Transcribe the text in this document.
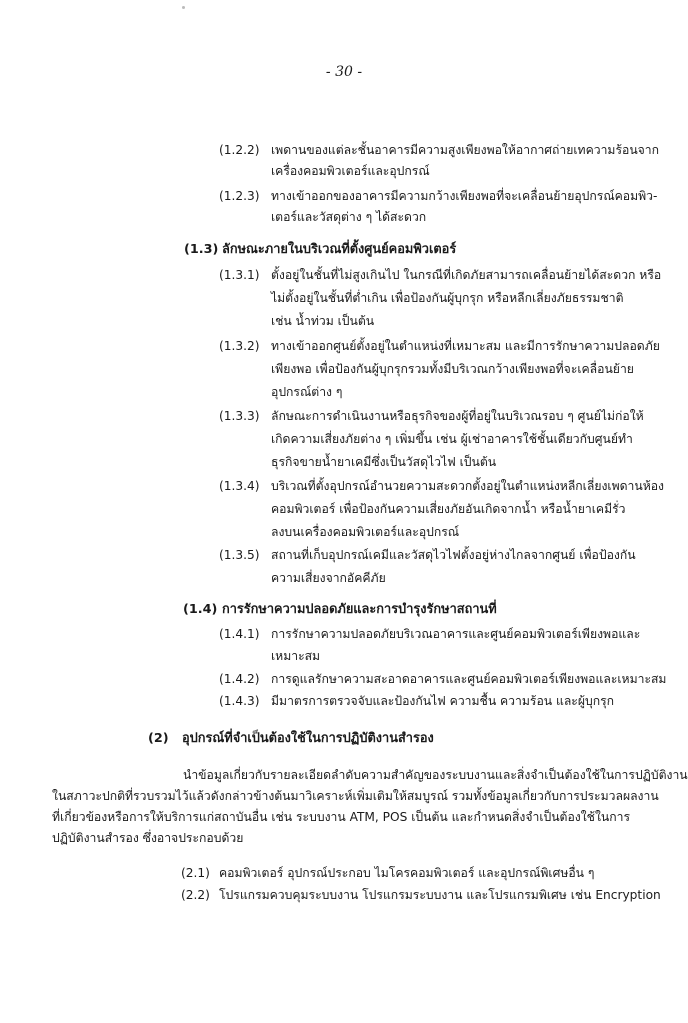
- 30 -
(1.2.2) เพดานของแต่ละชั้นอาคารมีความสูงเพียงพอให้อากาศถ่ายเทความร้อนจาก
เครื่องคอมพิวเตอร์และอุปกรณ์
(1.2.3) ทางเข้าออกของอาคารมีความกว้างเพียงพอที่จะเคลื่อนย้ายอุปกรณ์คอมพิว-
เตอร์และวัสดุต่าง ๆ ได้สะดวก
(1.3) ลักษณะภายในบริเวณที่ตั้งศูนย์คอมพิวเตอร์
(1.3.1) ตั้งอยู่ในชั้นที่ไม่สูงเกินไป ในกรณีที่เกิดภัยสามารถเคลื่อนย้ายได้สะดวก หรือ
ไม่ตั้งอยู่ในชั้นที่ต่ำเกิน เพื่อป้องกันผู้บุกรุก หรือหลีกเลี่ยงภัยธรรมชาติ
เช่น น้ำท่วม เป็นต้น
(1.3.2) ทางเข้าออกศูนย์ตั้งอยู่ในตำแหน่งที่เหมาะสม และมีการรักษาความปลอดภัย
เพียงพอ เพื่อป้องกันผู้บุกรุกรวมทั้งมีบริเวณกว้างเพียงพอที่จะเคลื่อนย้าย
อุปกรณ์ต่าง ๆ
(1.3.3) ลักษณะการดำเนินงานหรือธุรกิจของผู้ที่อยู่ในบริเวณรอบ ๆ ศูนย์ไม่ก่อให้
เกิดความเสี่ยงภัยต่าง ๆ เพิ่มขึ้น เช่น ผู้เช่าอาคารใช้ชั้นเดียวกับศูนย์ทำ
ธุรกิจขายน้ำยาเคมีซึ่งเป็นวัสดุไวไฟ เป็นต้น
(1.3.4) บริเวณที่ตั้งอุปกรณ์อำนวยความสะดวกตั้งอยู่ในตำแหน่งหลีกเลี่ยงเพดานห้อง
คอมพิวเตอร์ เพื่อป้องกันความเสี่ยงภัยอันเกิดจากน้ำ หรือน้ำยาเคมีรั่ว
ลงบนเครื่องคอมพิวเตอร์และอุปกรณ์
(1.3.5) สถานที่เก็บอุปกรณ์เคมีและวัสดุไวไฟตั้งอยู่ห่างไกลจากศูนย์ เพื่อป้องกัน
ความเสี่ยงจากอัคคีภัย
(1.4) การรักษาความปลอดภัยและการบำรุงรักษาสถานที่
(1.4.1) การรักษาความปลอดภัยบริเวณอาคารและศูนย์คอมพิวเตอร์เพียงพอและ
เหมาะสม
(1.4.2) การดูแลรักษาความสะอาดอาคารและศูนย์คอมพิวเตอร์เพียงพอและเหมาะสม
(1.4.3) มีมาตรการตรวจจับและป้องกันไฟ ความชื้น ความร้อน และผู้บุกรุก
(2) อุปกรณ์ที่จำเป็นต้องใช้ในการปฏิบัติงานสำรอง
นำข้อมูลเกี่ยวกับรายละเอียดลำดับความสำคัญของระบบงานและสิ่งจำเป็นต้องใช้ในการปฏิบัติงาน
ในสภาวะปกติที่รวบรวมไว้แล้วดังกล่าวข้างต้นมาวิเคราะห์เพิ่มเติมให้สมบูรณ์ รวมทั้งข้อมูลเกี่ยวกับการประมวลผลงาน
ที่เกี่ยวข้องหรือการให้บริการแก่สถาบันอื่น เช่น ระบบงาน ATM, POS เป็นต้น และกำหนดสิ่งจำเป็นต้องใช้ในการ
ปฏิบัติงานสำรอง ซึ่งอาจประกอบด้วย
(2.1) คอมพิวเตอร์ อุปกรณ์ประกอบ ไมโครคอมพิวเตอร์ และอุปกรณ์พิเศษอื่น ๆ
(2.2) โปรแกรมควบคุมระบบงาน โปรแกรมระบบงาน และโปรแกรมพิเศษ เช่น Encryption
